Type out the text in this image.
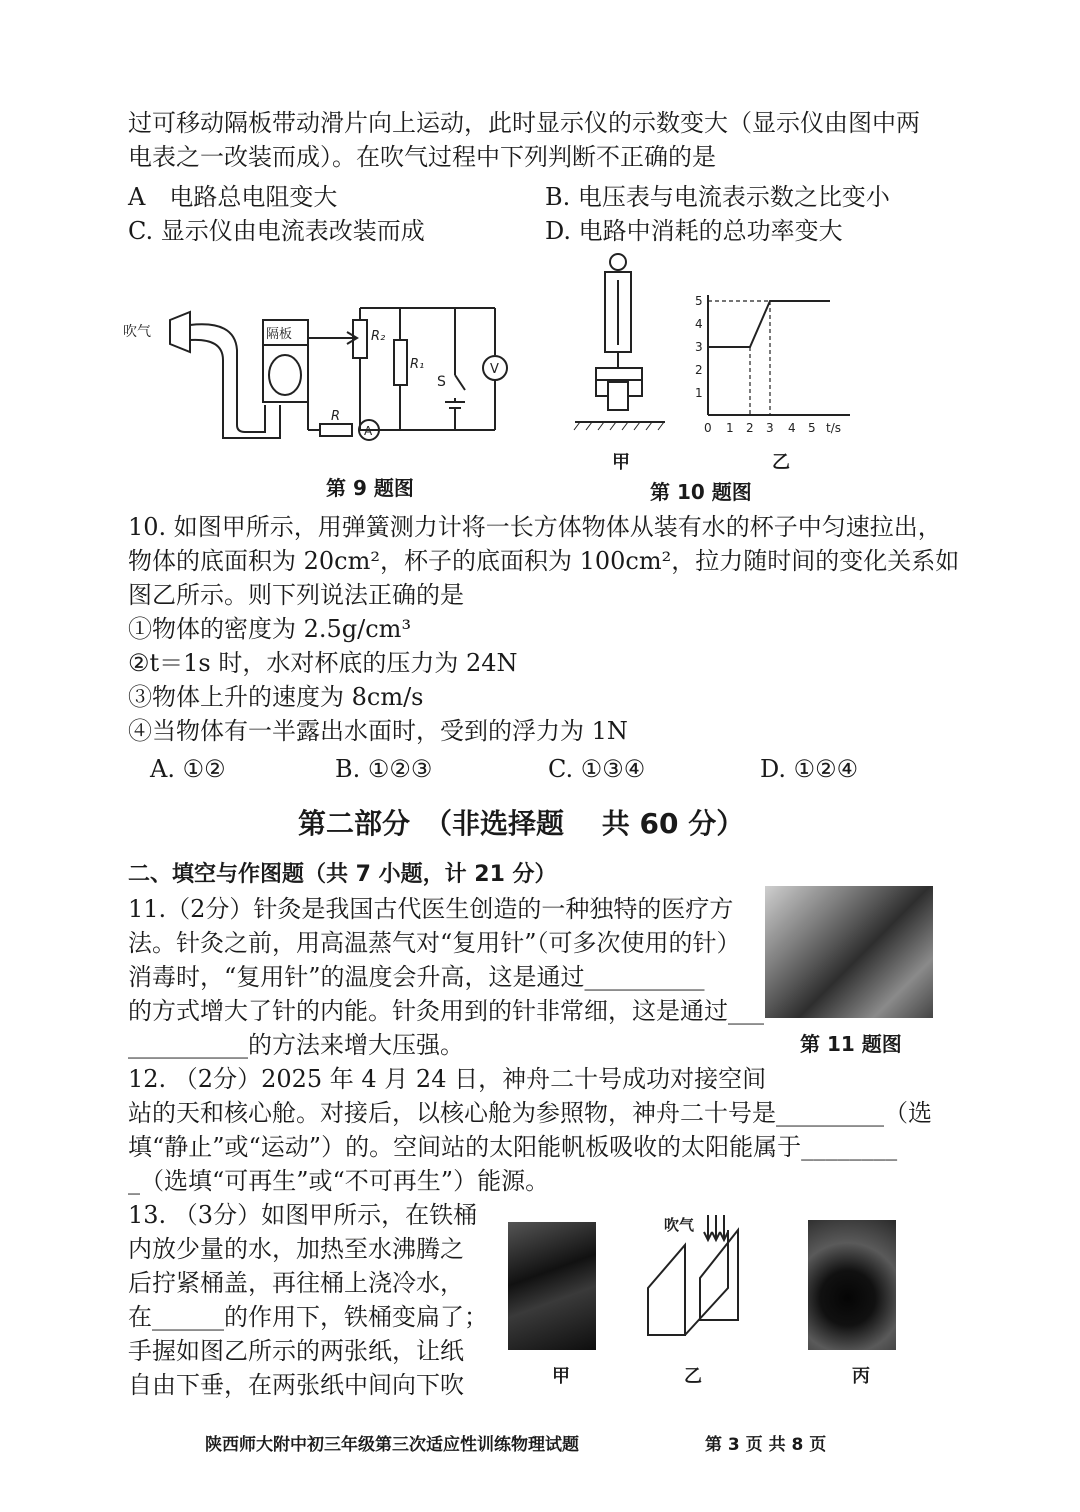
过可移动隔板带动滑片向上运动，此时显示仪的示数变大（显示仪由图中两
电表之一改装而成）。在吹气过程中下列判断不正确的是
A　电路总电阻变大	B. 电压表与电流表示数之比变小
C. 显示仪由电流表改装而成	D. 电路中消耗的总功率变大
吹气	隔板	R₂
R₁
R
S
V
A
第 9 题图
0 1 2 3 4 5 t/s
1
2
3
4
5
甲	乙
第 10 题图
10. 如图甲所示，用弹簧测力计将一长方体物体从装有水的杯子中匀速拉出，
物体的底面积为 20cm²，杯子的底面积为 100cm²，拉力随时间的变化关系如
图乙所示。则下列说法正确的是
①物体的密度为 2.5g/cm³
②t＝1s 时，水对杯底的压力为 24N
③物体上升的速度为 8cm/s
④当物体有一半露出水面时，受到的浮力为 1N
A. ①②	B. ①②③	C. ①③④	D. ①②④
第二部分　（非选择题　 共 60 分）
二、填空与作图题（共 7 小题，计 21 分）
11.（2分）针灸是我国古代医生创造的一种独特的医疗方
法。针灸之前，用高温蒸气对“复用针”（可多次使用的针）
消毒时，“复用针”的温度会升高，这是通过__________
的方式增大了针的内能。针灸用到的针非常细，这是通过___
__________的方法来增大压强。	第 11 题图
12. （2分）2025 年 4 月 24 日，神舟二十号成功对接空间
站的天和核心舱。对接后，以核心舱为参照物，神舟二十号是_________（选
填“静止”或“运动”）的。空间站的太阳能帆板吸收的太阳能属于________
_（选填“可再生”或“不可再生”）能源。
13. （3分）如图甲所示，在铁桶
内放少量的水，加热至水沸腾之
后拧紧桶盖，再往桶上浇冷水，
在______的作用下，铁桶变扁了；
手握如图乙所示的两张纸，让纸
自由下垂，在两张纸中间向下吹
吹气
甲	乙	丙
陕西师大附中初三年级第三次适应性训练物理试题	第 3 页 共 8 页
